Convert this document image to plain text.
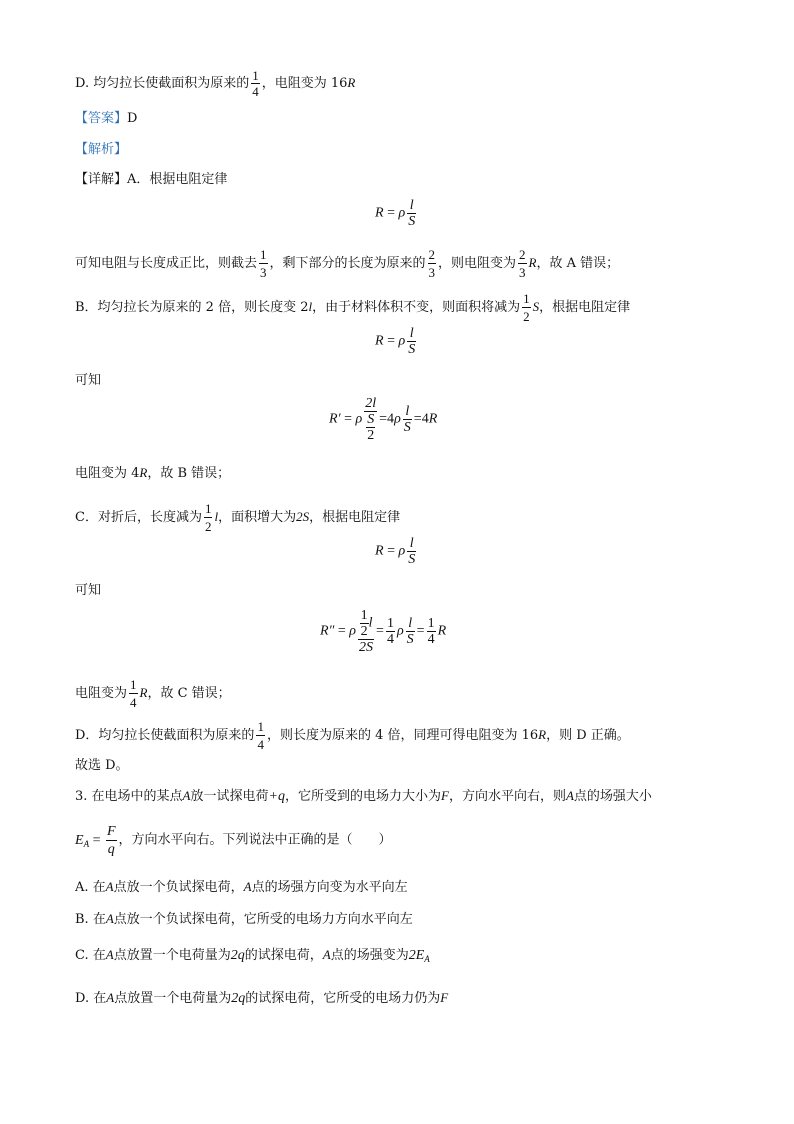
D. 均匀拉长使截面积为原来的 $\frac{1}{4}$ ，电阻变为 16R
【答案】D
【解析】
【详解】A．根据电阻定律
R = ρ $\frac{l}{S}$
可知电阻与长度成正比，则截去 $\frac{1}{3}$ ，剩下部分的长度为原来的 $\frac{2}{3}$ ，则电阻变为 $\frac{2}{3}$ R，故 A 错误；
B．均匀拉长为原来的 2 倍，则长度变 2l，由于材料体积不变，则面积将减为 $\frac{1}{2}$ S，根据电阻定律
R = ρ $\frac{l}{S}$
可知
R′ = ρ $\frac{2l}{\frac{S}{2}} =4\rho \frac{l}{S} =4R$
电阻变为 4R，故 B 错误；
C．对折后，长度减为 $\frac{1}{2}$ l，面积增大为2S，根据电阻定律
R = ρ $\frac{l}{S}$
可知
R″ = ρ $\frac{\frac{1}{2} l}{2S} = \frac{1}{4}$ ρ $\frac{l}{S} = \frac{1}{4}$ R
电阻变为 $\frac{1}{4}$ R，故 C 错误；
D．均匀拉长使截面积为原来的 $\frac{1}{4}$ ，则长度为原来的 4 倍，同理可得电阻变为 16R，则 D 正确。
故选 D。
3. 在电场中的某点A放一试探电荷+q，它所受到的电场力大小为F，方向水平向右，则A点的场强大小
$E_A = \frac{F}{q}$ ，方向水平向右。下列说法中正确的是（　　）
A. 在A点放一个负试探电荷，A点的场强方向变为水平向左
B. 在A点放一个负试探电荷，它所受的电场力方向水平向左
C. 在A点放置一个电荷量为2q的试探电荷，A点的场强变为$2E_A$
D. 在A点放置一个电荷量为2q的试探电荷，它所受的电场力仍为F
